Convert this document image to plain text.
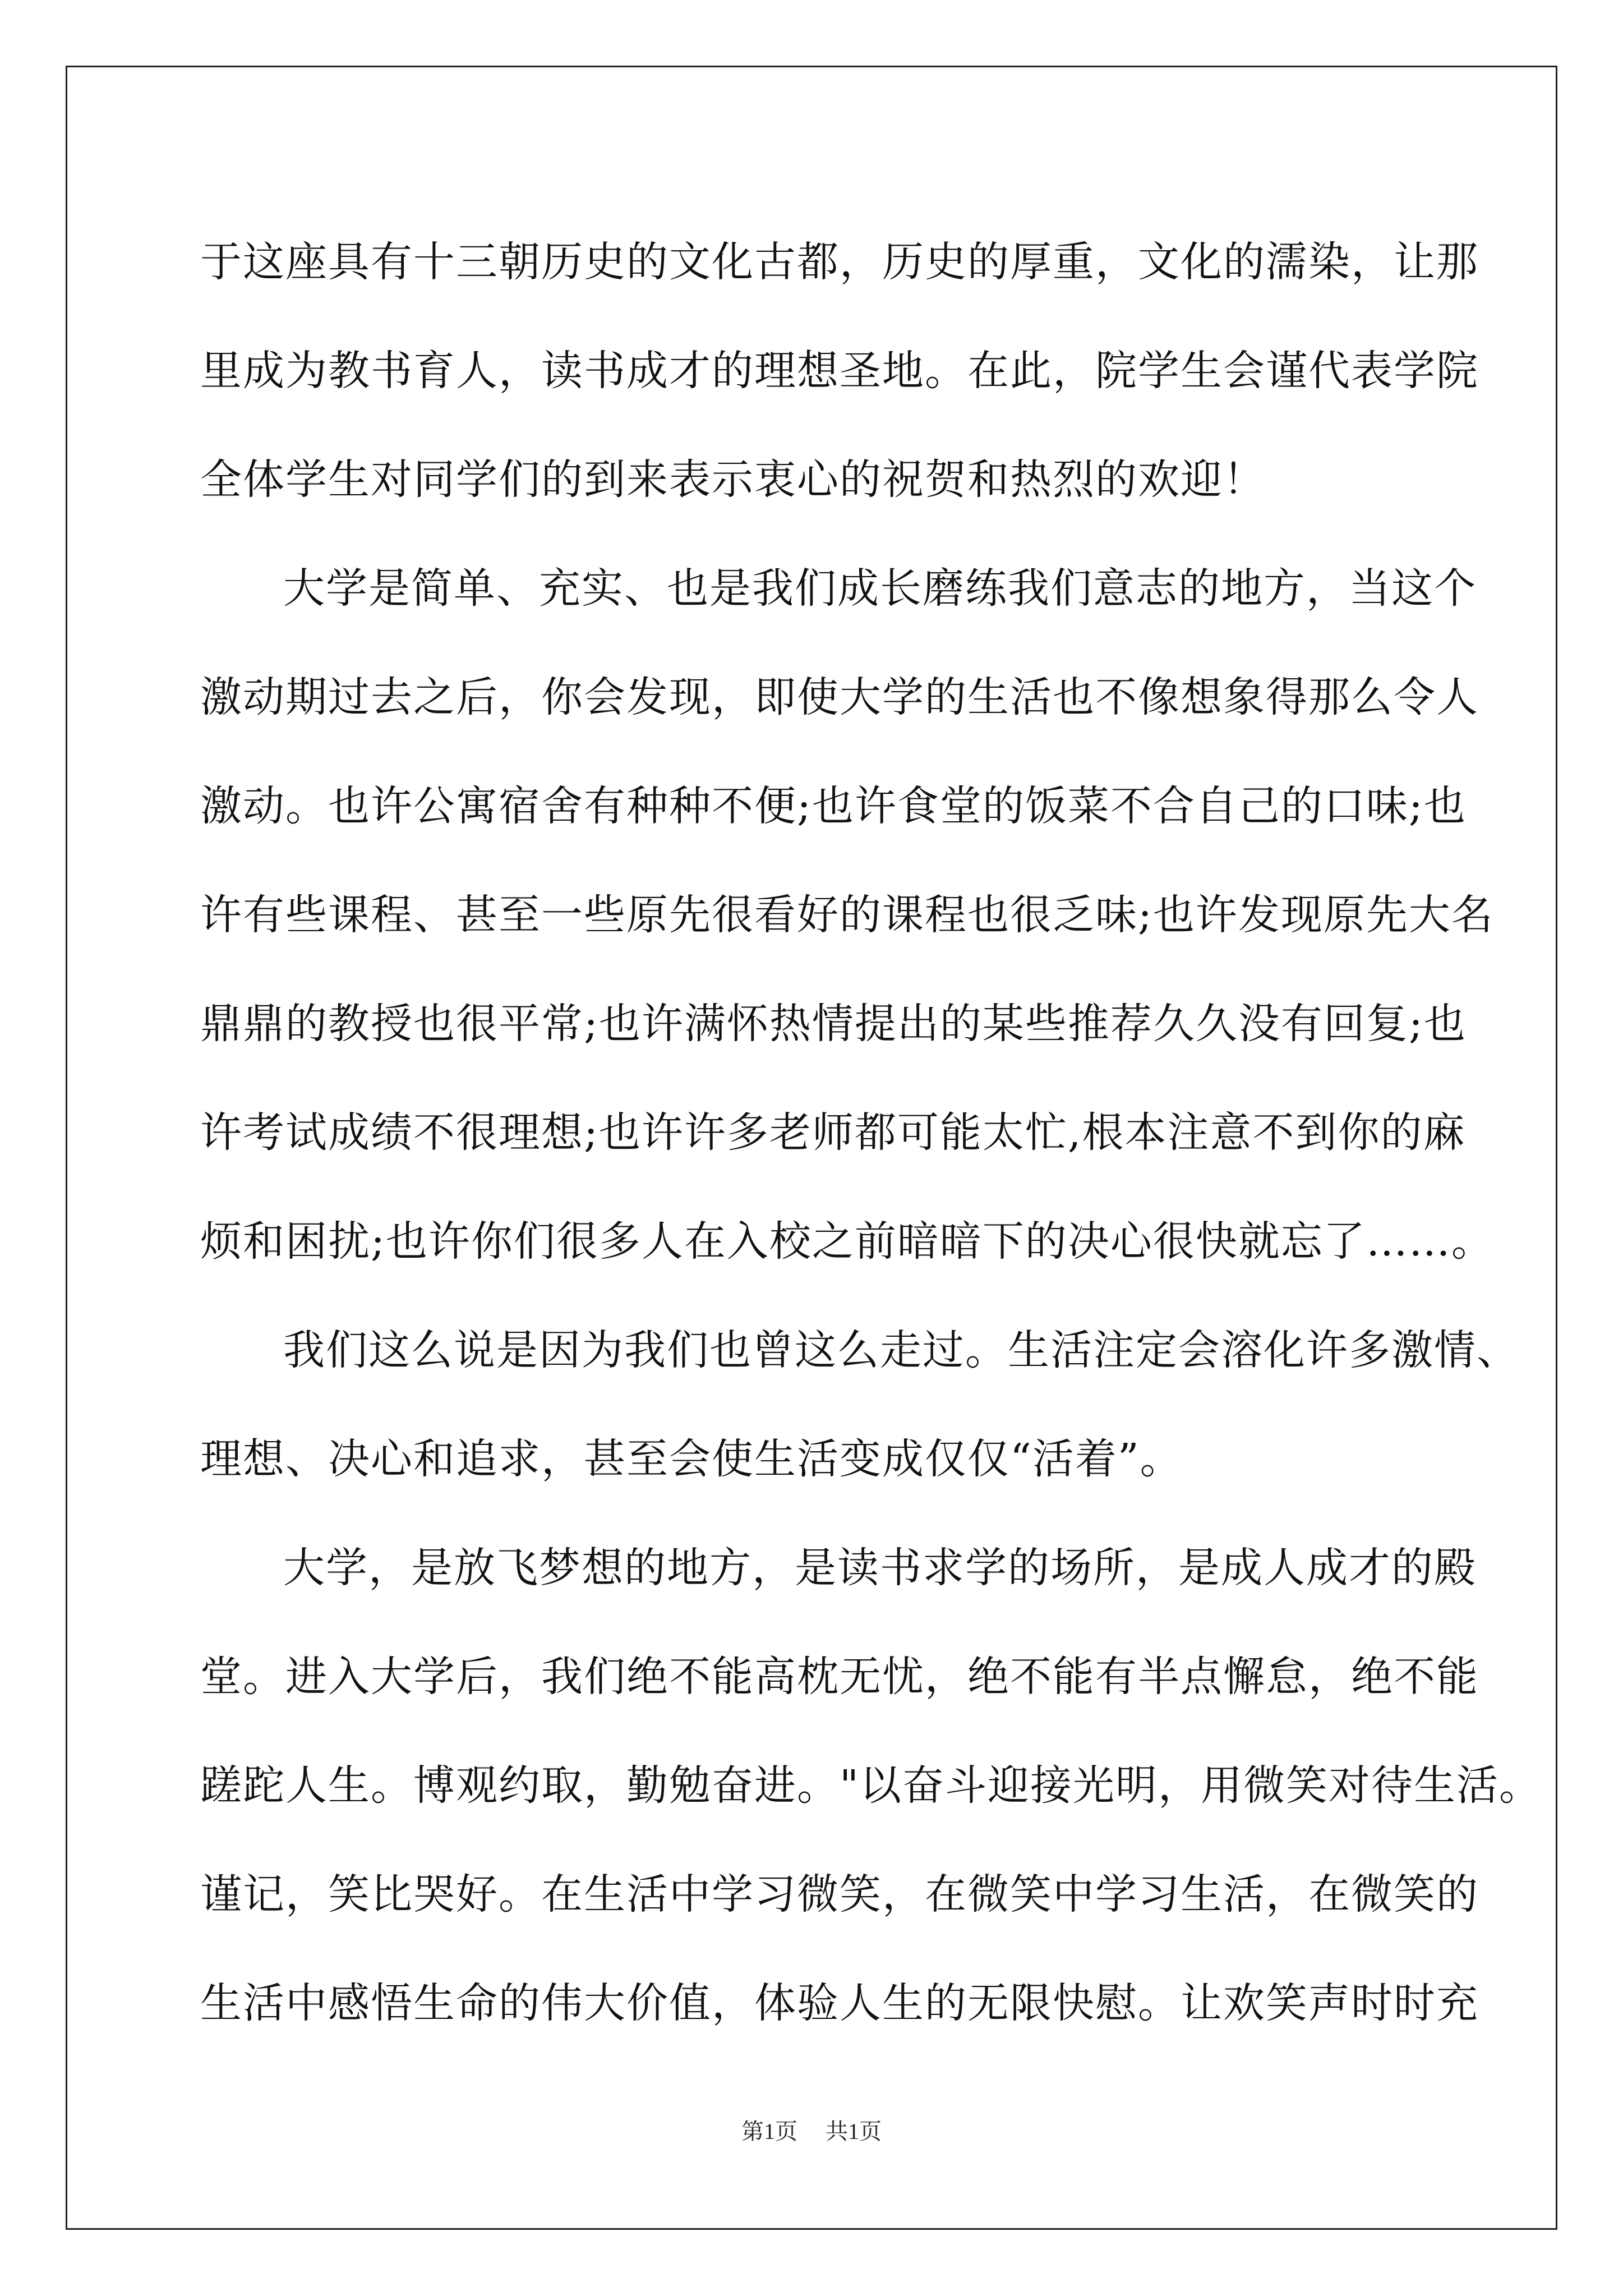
于这座具有十三朝历史的文化古都，历史的厚重，文化的濡染，让那
里成为教书育人，读书成才的理想圣地。在此，院学生会谨代表学院
全体学生对同学们的到来表示衷心的祝贺和热烈的欢迎！
大学是简单、充实、也是我们成长磨练我们意志的地方，当这个
激动期过去之后，你会发现，即使大学的生活也不像想象得那么令人
激动。也许公寓宿舍有种种不便;也许食堂的饭菜不合自己的口味;也
许有些课程、甚至一些原先很看好的课程也很乏味;也许发现原先大名
鼎鼎的教授也很平常;也许满怀热情提出的某些推荐久久没有回复;也
许考试成绩不很理想;也许许多老师都可能太忙,根本注意不到你的麻
烦和困扰;也许你们很多人在入校之前暗暗下的决心很快就忘了……。
我们这么说是因为我们也曾这么走过。生活注定会溶化许多激情、
理想、决心和追求，甚至会使生活变成仅仅“活着”。
大学，是放飞梦想的地方，是读书求学的场所，是成人成才的殿
堂。进入大学后，我们绝不能高枕无忧，绝不能有半点懈怠，绝不能
蹉跎人生。博观约取，勤勉奋进。"以奋斗迎接光明，用微笑对待生活。
谨记，笑比哭好。在生活中学习微笑，在微笑中学习生活，在微笑的
生活中感悟生命的伟大价值，体验人生的无限快慰。让欢笑声时时充
第1页 共1页
